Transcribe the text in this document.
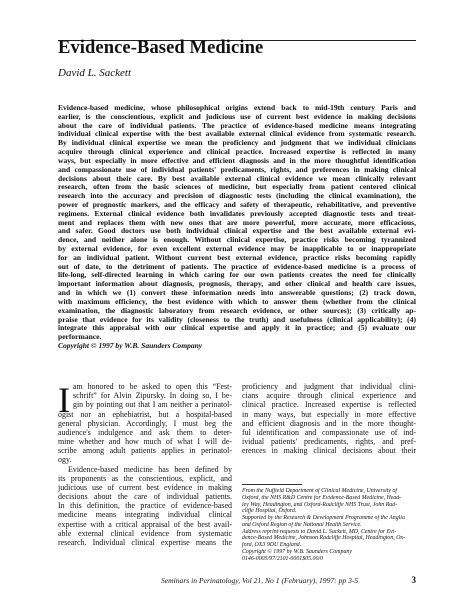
Evidence-Based Medicine
David L. Sackett
Evidence-based medicine, whose philosophical origins extend back to mid-19th century Paris and
earlier, is the conscientious, explicit and judicious use of current best evidence in making decisions
about the care of individual patients. The practice of evidence-based medicine means integrating
individual clinical expertise with the best available external clinical evidence from systematic research.
By individual clinical expertise we mean the proficiency and judgment that we individual clinicians
acquire through clinical experience and clinical practice. Increased expertise is reflected in many
ways, but especially in more effective and efficient diagnosis and in the more thoughtful identification
and compassionate use of individual patients' predicaments, rights, and preferences in making clinical
decisions about their care. By best available external clinical evidence we mean clinically relevant
research, often from the basic sciences of medicine, but especially from patient centered clinical
research into the accuracy and precision of diagnostic tests (including the clinical examination), the
power of prognostic markers, and the efficacy and safety of therapeutic, rehabilitative, and preventive
regimens. External clinical evidence both invalidates previously accepted diagnostic tests and treat-
ment and replaces them with new ones that are more powerful, more accurate, more efficacious,
and safer. Good doctors use both individual clinical expertise and the best available external evi-
dence, and neither alone is enough. Without clinical expertise, practice risks becoming tyrannized
by external evidence, for even excellent external evidence may be inapplicable to or inappropriate
for an individual patient. Without current best external evidence, practice risks becoming rapidly
out of date, to the detriment of patients. The practice of evidence-based medicine is a process of
life-long, self-directed learning in which caring for our own patients creates the need for clinically
important information about diagnosis, prognosis, therapy, and other clinical and health care issues,
and in which we (1) convert these information needs into answerable questions; (2) track down,
with maximum efficiency, the best evidence with which to answer them (whether from the clinical
examination, the diagnostic laboratory from research evidence, or other sources); (3) critically ap-
praise that evidence for its validity (closeness to the truth) and usefulness (clinical applicability); (4)
integrate this appraisal with our clinical expertise and apply it in practice; and (5) evaluate our
performance.
Copyright © 1997 by W.B. Saunders Company
I am honored to be asked to open this “Fest-
schrift” for Alvin Zipursky. In doing so, I be-
gin by pointing out that I am neither a perinatol-
ogist nor an ephebiatrist, but a hospital-based
general physician. Accordingly, I must beg the
audience's indulgence and ask them to deter-
mine whether and how much of what I will de-
scribe among adult patients applies in perinatol-
ogy.
Evidence-based medicine has been defined by
its proponents as the conscientious, explicit, and
judicious use of current best evidence in making
decisions about the care of individual patients.
In this definition, the practice of evidence-based
medicine means integrating individual clinical
expertise with a critical appraisal of the best avail-
able external clinical evidence from systematic
research. Individual clinical expertise means the
proficiency and judgment that individual clini-
cians acquire through clinical experience and
clinical practice. Increased expertise is reflected
in many ways, but especially in more effective
and efficient diagnosis and in the more thought-
ful identification and compassionate use of ind-
ividual patients' predicaments, rights, and pref-
erences in making clinical decisions about their
From the Nuffield Department of Clinical Medicine, University of
Oxford, the NHS R&D Centre for Evidence-Based Medicine, Head-
ley Way, Headington, and Oxford-Radcliffe NHS Trust, John Rad-
cliffe Hospital, Oxford.
Supported by the Research & Development Programme of the Anglia
and Oxford Region of the National Health Service.
Address reprint requests to David L. Sackett, MD, Centre for Evi-
dence-Based Medicine, Johnson Radcliffe Hospital, Headington, Ox-
ford, OX3 9DU England.
Copyright © 1997 by W.B. Saunders Company
0146-0005/97/2101-0001$05.00/0
Seminars in Perinatology, Vol 21, No 1 (February), 1997: pp 3-5	3
